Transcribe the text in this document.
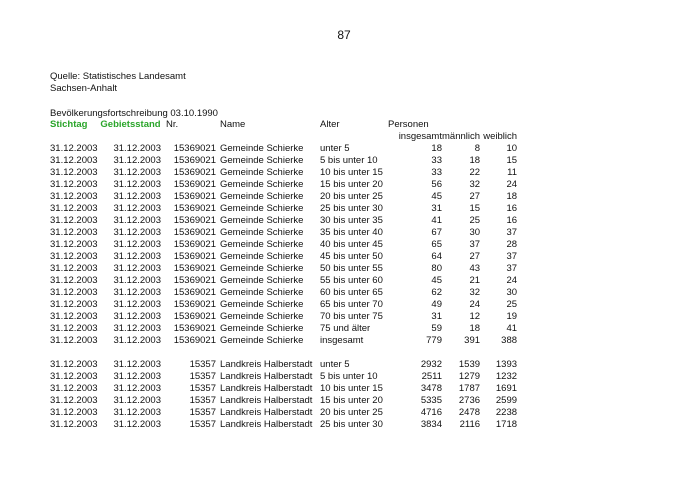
87
Quelle: Statistisches Landesamt
Sachsen-Anhalt
Bevölkerungsfortschreibung 03.10.1990
Stichtag	Gebietsstand	Nr.	Name	Alter	Personen		
					insgesamt	männlich	weiblich
31.12.2003	31.12.2003	15369021	Gemeinde Schierke	unter 5	18	8	10
31.12.2003	31.12.2003	15369021	Gemeinde Schierke	5 bis unter 10	33	18	15
31.12.2003	31.12.2003	15369021	Gemeinde Schierke	10 bis unter 15	33	22	11
31.12.2003	31.12.2003	15369021	Gemeinde Schierke	15 bis unter 20	56	32	24
31.12.2003	31.12.2003	15369021	Gemeinde Schierke	20 bis unter 25	45	27	18
31.12.2003	31.12.2003	15369021	Gemeinde Schierke	25 bis unter 30	31	15	16
31.12.2003	31.12.2003	15369021	Gemeinde Schierke	30 bis unter 35	41	25	16
31.12.2003	31.12.2003	15369021	Gemeinde Schierke	35 bis unter 40	67	30	37
31.12.2003	31.12.2003	15369021	Gemeinde Schierke	40 bis unter 45	65	37	28
31.12.2003	31.12.2003	15369021	Gemeinde Schierke	45 bis unter 50	64	27	37
31.12.2003	31.12.2003	15369021	Gemeinde Schierke	50 bis unter 55	80	43	37
31.12.2003	31.12.2003	15369021	Gemeinde Schierke	55 bis unter 60	45	21	24
31.12.2003	31.12.2003	15369021	Gemeinde Schierke	60 bis unter 65	62	32	30
31.12.2003	31.12.2003	15369021	Gemeinde Schierke	65 bis unter 70	49	24	25
31.12.2003	31.12.2003	15369021	Gemeinde Schierke	70 bis unter 75	31	12	19
31.12.2003	31.12.2003	15369021	Gemeinde Schierke	75 und älter	59	18	41
31.12.2003	31.12.2003	15369021	Gemeinde Schierke	insgesamt	779	391	388

31.12.2003	31.12.2003	15357	Landkreis Halberstadt	unter 5	2932	1539	1393
31.12.2003	31.12.2003	15357	Landkreis Halberstadt	5 bis unter 10	2511	1279	1232
31.12.2003	31.12.2003	15357	Landkreis Halberstadt	10 bis unter 15	3478	1787	1691
31.12.2003	31.12.2003	15357	Landkreis Halberstadt	15 bis unter 20	5335	2736	2599
31.12.2003	31.12.2003	15357	Landkreis Halberstadt	20 bis unter 25	4716	2478	2238
31.12.2003	31.12.2003	15357	Landkreis Halberstadt	25 bis unter 30	3834	2116	1718
